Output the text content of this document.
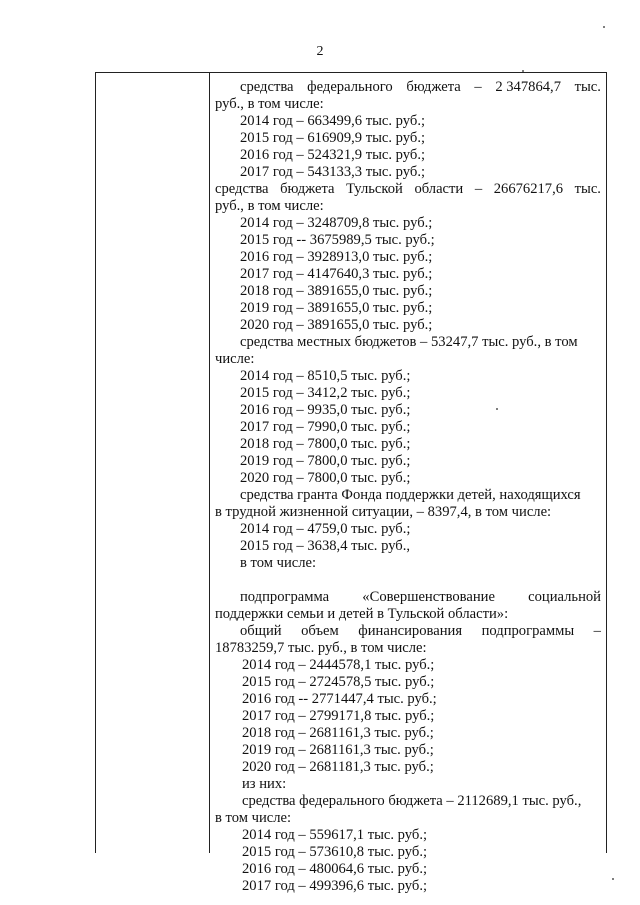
2
средства федерального бюджета – 2 347864,7 тыс.
руб., в том числе:
2014 год – 663499,6 тыс. руб.;
2015 год – 616909,9 тыс. руб.;
2016 год – 524321,9 тыс. руб.;
2017 год – 543133,3 тыс. руб.;
средства бюджета Тульской области – 26676217,6 тыс.
руб., в том числе:
2014 год – 3248709,8 тыс. руб.;
2015 год -- 3675989,5 тыс. руб.;
2016 год – 3928913,0 тыс. руб.;
2017 год – 4147640,3 тыс. руб.;
2018 год – 3891655,0 тыс. руб.;
2019 год – 3891655,0 тыс. руб.;
2020 год – 3891655,0 тыс. руб.;
средства местных бюджетов – 53247,7 тыс. руб., в том
числе:
2014 год – 8510,5 тыс. руб.;
2015 год – 3412,2 тыс. руб.;
2016 год – 9935,0 тыс. руб.;
2017 год – 7990,0 тыс. руб.;
2018 год – 7800,0 тыс. руб.;
2019 год – 7800,0 тыс. руб.;
2020 год – 7800,0 тыс. руб.;
средства гранта Фонда поддержки детей, находящихся
в трудной жизненной ситуации, – 8397,4, в том числе:
2014 год – 4759,0 тыс. руб.;
2015 год – 3638,4 тыс. руб.,
в том числе:
подпрограмма «Совершенствование социальной
поддержки семьи и детей в Тульской области»:
общий объем финансирования подпрограммы –
18783259,7 тыс. руб., в том числе:
2014 год – 2444578,1 тыс. руб.;
2015 год – 2724578,5 тыс. руб.;
2016 год -- 2771447,4 тыс. руб.;
2017 год – 2799171,8 тыс. руб.;
2018 год – 2681161,3 тыс. руб.;
2019 год – 2681161,3 тыс. руб.;
2020 год – 2681181,3 тыс. руб.;
из них:
средства федерального бюджета – 2112689,1 тыс. руб.,
в том числе:
2014 год – 559617,1 тыс. руб.;
2015 год – 573610,8 тыс. руб.;
2016 год – 480064,6 тыс. руб.;
2017 год – 499396,6 тыс. руб.;
